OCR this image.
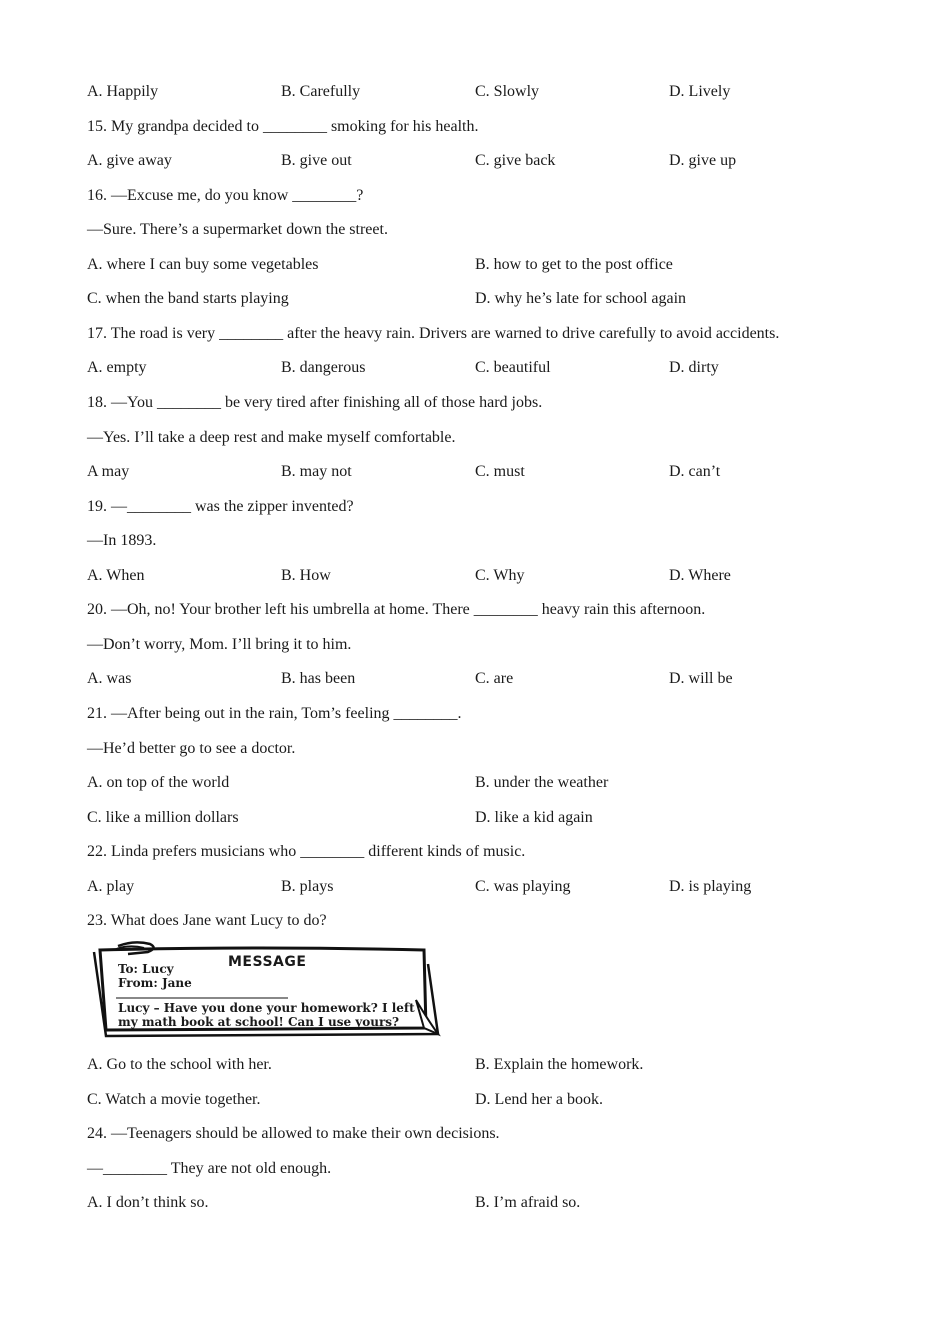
A. Happily	B. Carefully	C. Slowly	D. Lively
15. My grandpa decided to ________ smoking for his health.
A. give away	B. give out	C. give back	D. give up
16. —Excuse me, do you know ________?
—Sure. There’s a supermarket down the street.
A. where I can buy some vegetables	B. how to get to the post office
C. when the band starts playing	D. why he’s late for school again
17. The road is very ________ after the heavy rain. Drivers are warned to drive carefully to avoid accidents.
A. empty	B. dangerous	C. beautiful	D. dirty
18. —You ________ be very tired after finishing all of those hard jobs.
—Yes. I’ll take a deep rest and make myself comfortable.
A may	B. may not	C. must	D. can’t
19. —________ was the zipper invented?
—In 1893.
A. When	B. How	C. Why	D. Where
20. —Oh, no! Your brother left his umbrella at home. There ________ heavy rain this afternoon.
—Don’t worry, Mom. I’ll bring it to him.
A. was	B. has been	C. are	D. will be
21. —After being out in the rain, Tom’s feeling ________.
—He’d better go to see a doctor.
A. on top of the world	B. under the weather
C. like a million dollars	D. like a kid again
22. Linda prefers musicians who ________ different kinds of music.
A. play	B. plays	C. was playing	D. is playing
23. What does Jane want Lucy to do?
MESSAGE
To: Lucy
From: Jane
Lucy – Have you done your homework? I left my math book at school! Can I use yours?
A. Go to the school with her.	B. Explain the homework.
C. Watch a movie together.	D. Lend her a book.
24. —Teenagers should be allowed to make their own decisions.
—________ They are not old enough.
A. I don’t think so.	B. I’m afraid so.
